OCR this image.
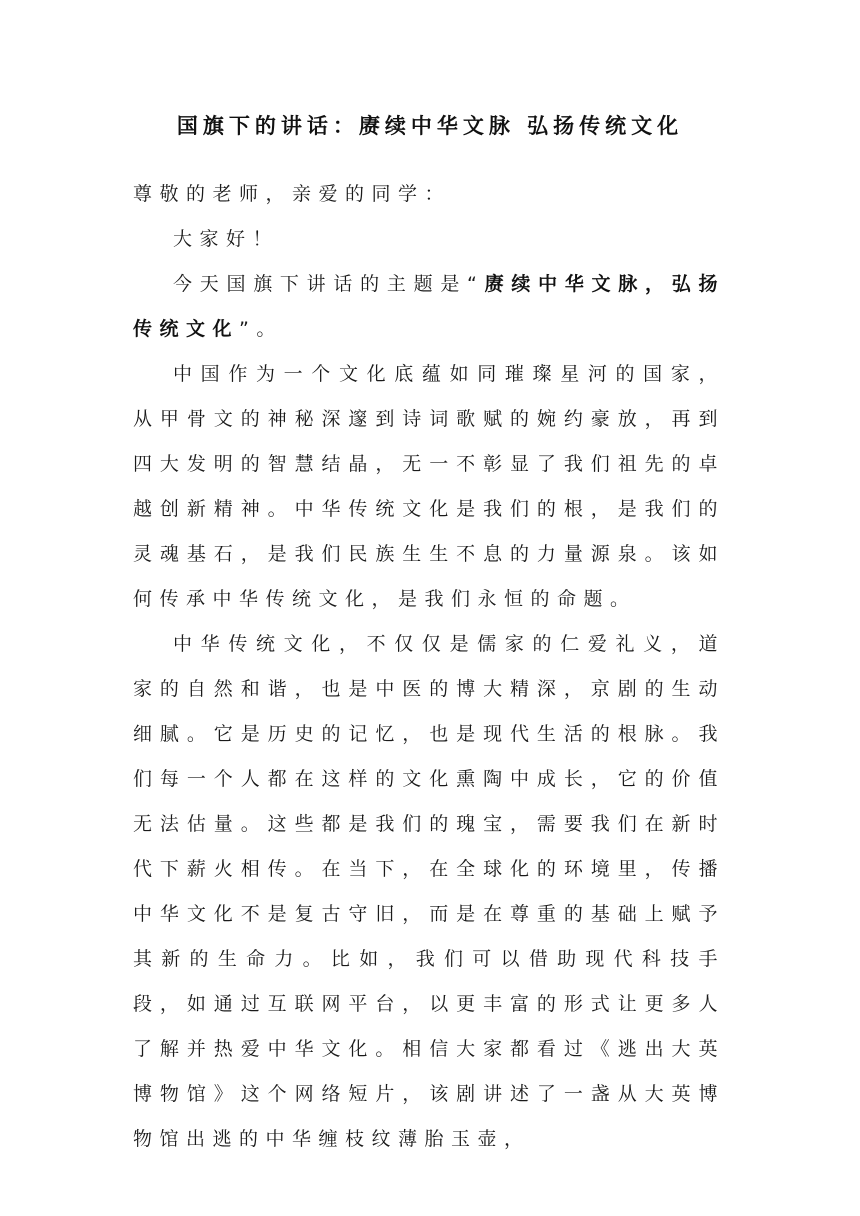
国旗下的讲话：赓续中华文脉 弘扬传统文化

尊敬的老师，亲爱的同学：

大家好！

今天国旗下讲话的主题是“赓续中华文脉，弘扬传统文化”。

中国作为一个文化底蕴如同璀璨星河的国家，从甲骨文的神秘深邃到诗词歌赋的婉约豪放，再到四大发明的智慧结晶，无一不彰显了我们祖先的卓越创新精神。中华传统文化是我们的根，是我们的灵魂基石，是我们民族生生不息的力量源泉。该如何传承中华传统文化，是我们永恒的命题。

中华传统文化，不仅仅是儒家的仁爱礼义，道家的自然和谐，也是中医的博大精深，京剧的生动细腻。它是历史的记忆，也是现代生活的根脉。我们每一个人都在这样的文化熏陶中成长，它的价值无法估量。这些都是我们的瑰宝，需要我们在新时代下薪火相传。在当下，在全球化的环境里，传播中华文化不是复古守旧，而是在尊重的基础上赋予其新的生命力。比如，我们可以借助现代科技手段，如通过互联网平台，以更丰富的形式让更多人了解并热爱中华文化。相信大家都看过《逃出大英博物馆》这个网络短片，该剧讲述了一盏从大英博物馆出逃的中华缠枝纹薄胎玉壶，
